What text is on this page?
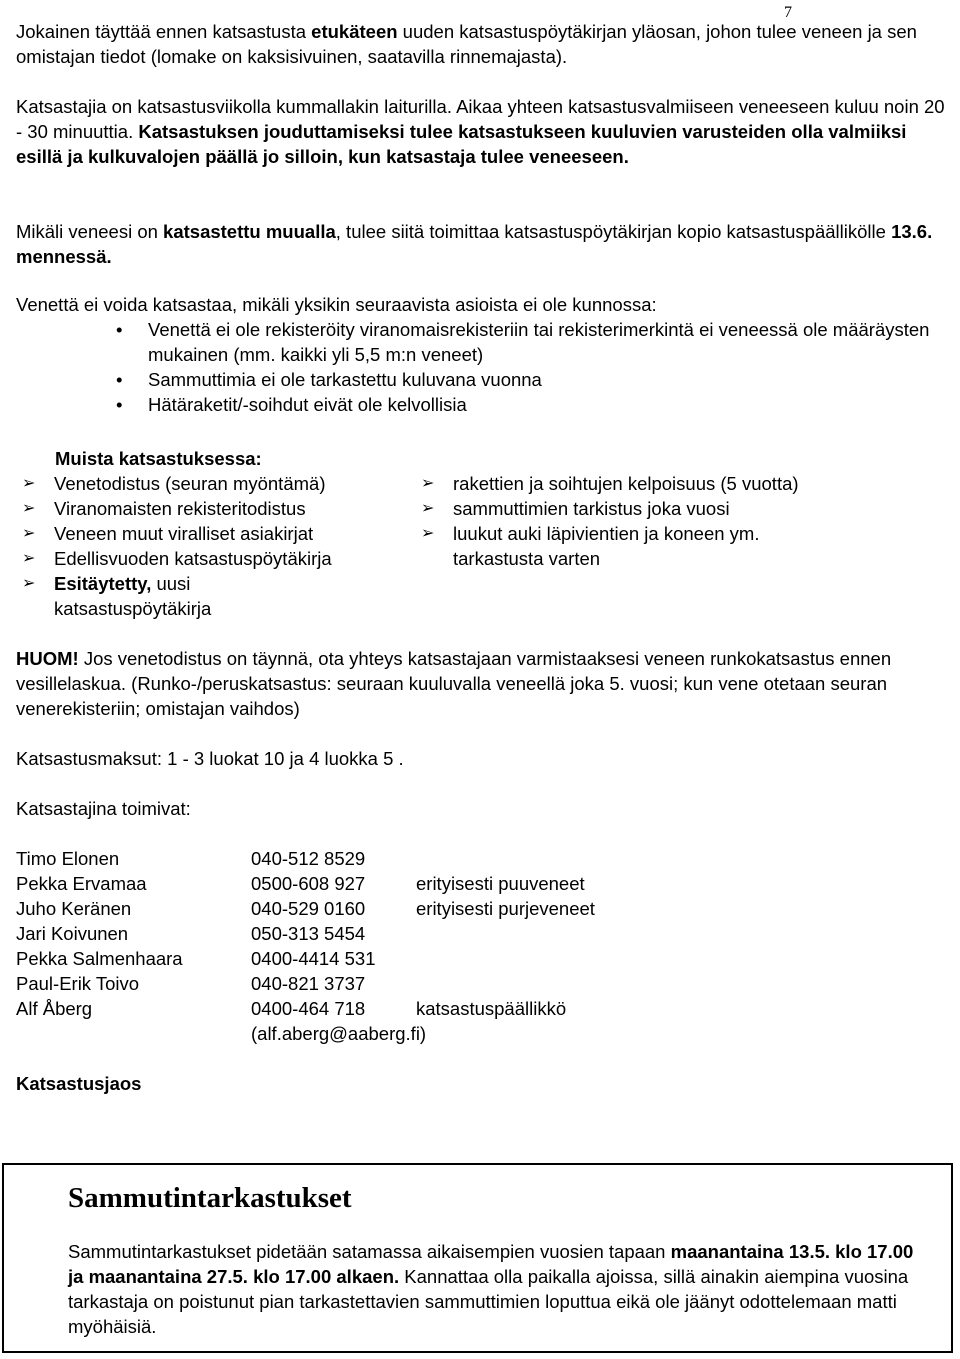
7

Jokainen täyttää ennen katsastusta etukäteen uuden katsastuspöytäkirjan yläosan, johon tulee veneen ja sen omistajan tiedot (lomake on kaksisivuinen, saatavilla rinnemajasta).

Katsastajia on katsastusviikolla kummallakin laiturilla. Aikaa yhteen katsastusvalmiiseen veneeseen kuluu noin 20 - 30 minuuttia. Katsastuksen jouduttamiseksi tulee katsastukseen kuuluvien varusteiden olla valmiiksi esillä ja kulkuvalojen päällä jo silloin, kun katsastaja tulee veneeseen.

Mikäli veneesi on katsastettu muualla, tulee siitä toimittaa katsastuspöytäkirjan kopio katsastuspäällikölle 13.6. mennessä.

Venettä ei voida katsastaa, mikäli yksikin seuraavista asioista ei ole kunnossa:

• Venettä ei ole rekisteröity viranomaisrekisteriin tai rekisterimerkintä ei veneessä ole määräysten mukainen (mm. kaikki yli 5,5 m:n veneet)
• Sammuttimia ei ole tarkastettu kuluvana vuonna
• Hätäraketit/-soihdut eivät ole kelvollisia
Muista katsastuksessa:
➢ Venetodistus (seuran myöntämä)
➢ Viranomaisten rekisteritodistus
➢ Veneen muut viralliset asiakirjat
➢ Edellisvuoden katsastuspöytäkirja
➢ Esitäytetty, uusi katsastuspöytäkirja
➢ rakettien ja soihtujen kelpoisuus (5 vuotta)
➢ sammuttimien tarkistus joka vuosi
➢ luukut auki läpivientien ja koneen ym. tarkastusta varten

HUOM! Jos venetodistus on täynnä, ota yhteys katsastajaan varmistaaksesi veneen runkokatsastus ennen vesillelaskua. (Runko-/peruskatsastus: seuraan kuuluvalla veneellä joka 5. vuosi; kun vene otetaan seuran venerekisteriin; omistajan vaihdos)

Katsastusmaksut: 1 - 3 luokat 10 ja 4 luokka 5 .

Katsastajina toimivat:

Timo Elonen	040-512 8529	
Pekka Ervamaa	0500-608 927	erityisesti puuveneet
Juho Keränen	040-529 0160	erityisesti purjeveneet
Jari Koivunen	050-313 5454	
Pekka Salmenhaara	0400-4414 531	
Paul-Erik Toivo	040-821 3737	
Alf Åberg	0400-464 718	katsastuspäällikkö
	(alf.aberg@aaberg.fi)	
Katsastusjaos
Sammutintarkastukset

Sammutintarkastukset pidetään satamassa aikaisempien vuosien tapaan maanantaina 13.5. klo 17.00 ja maanantaina 27.5. klo 17.00 alkaen. Kannattaa olla paikalla ajoissa, sillä ainakin aiempina vuosina tarkastaja on poistunut pian tarkastettavien sammuttimien loputtua eikä ole jäänyt odottelemaan matti myöhäisiä.
